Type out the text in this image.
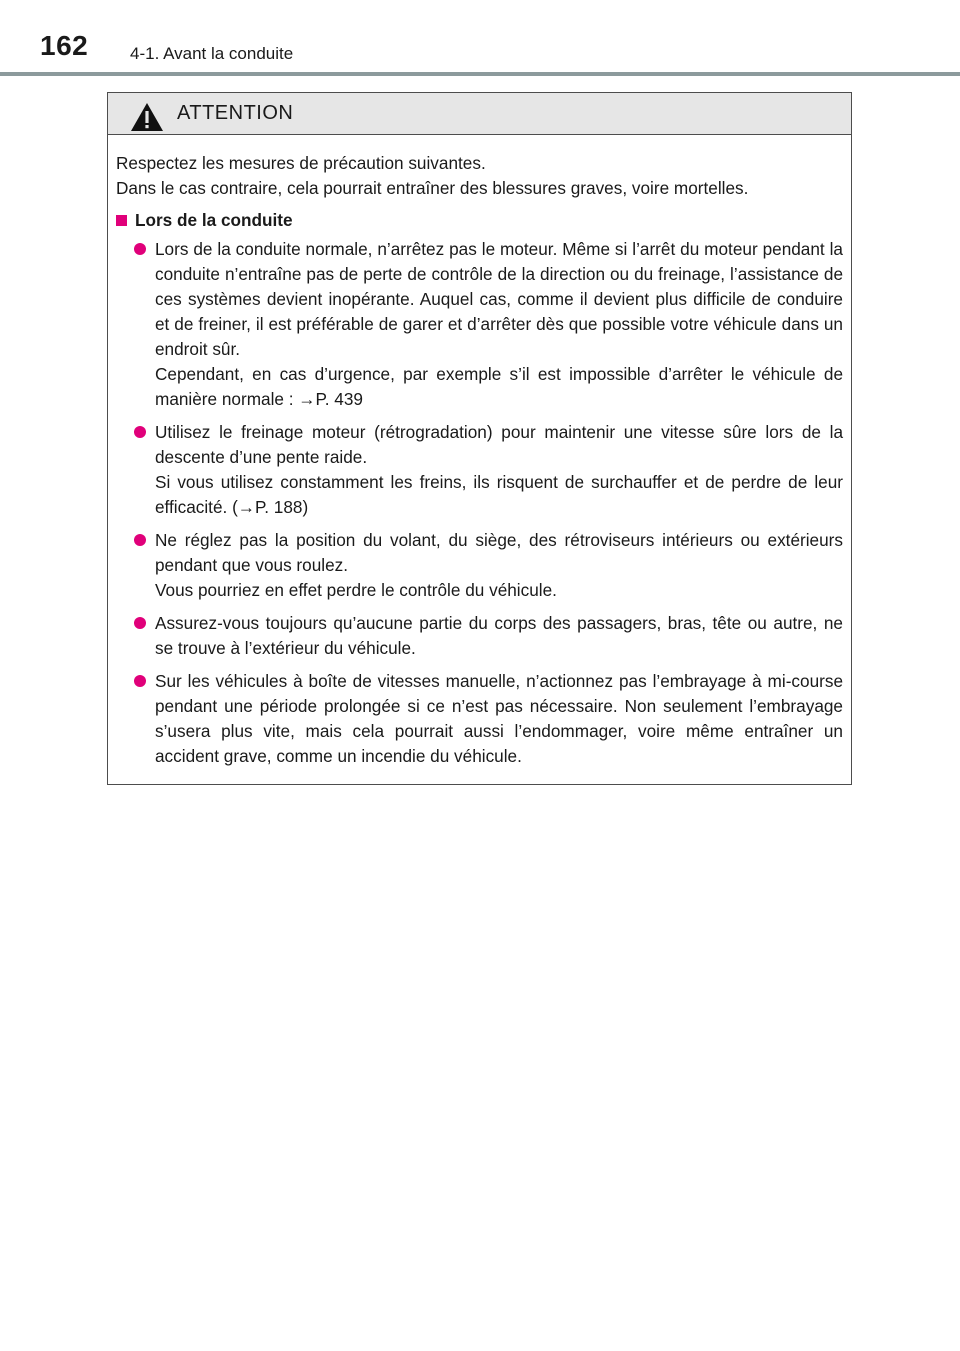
162 4-1. Avant la conduite
ATTENTION

Respectez les mesures de précaution suivantes.

Dans le cas contraire, cela pourrait entraîner des blessures graves, voire mortelles.

Lors de la conduite

Lors de la conduite normale, n’arrêtez pas le moteur. Même si l’arrêt du moteur pendant la conduite n’entraîne pas de perte de contrôle de la direction ou du freinage, l’assistance de ces systèmes devient inopérante. Auquel cas, comme il devient plus difficile de conduire et de freiner, il est préférable de garer et d’arrêter dès que possible votre véhicule dans un endroit sûr.

Cependant, en cas d’urgence, par exemple s’il est impossible d’arrêter le véhicule de manière normale : →P. 439

Utilisez le freinage moteur (rétrogradation) pour maintenir une vitesse sûre lors de la descente d’une pente raide.

Si vous utilisez constamment les freins, ils risquent de surchauffer et de perdre de leur efficacité. (→P. 188)

Ne réglez pas la position du volant, du siège, des rétroviseurs intérieurs ou extérieurs pendant que vous roulez.

Vous pourriez en effet perdre le contrôle du véhicule.

Assurez-vous toujours qu’aucune partie du corps des passagers, bras, tête ou autre, ne se trouve à l’extérieur du véhicule.

Sur les véhicules à boîte de vitesses manuelle, n’actionnez pas l’embrayage à mi-course pendant une période prolongée si ce n’est pas nécessaire. Non seulement l’embrayage s’usera plus vite, mais cela pourrait aussi l’endommager, voire même entraîner un accident grave, comme un incendie du véhicule.
